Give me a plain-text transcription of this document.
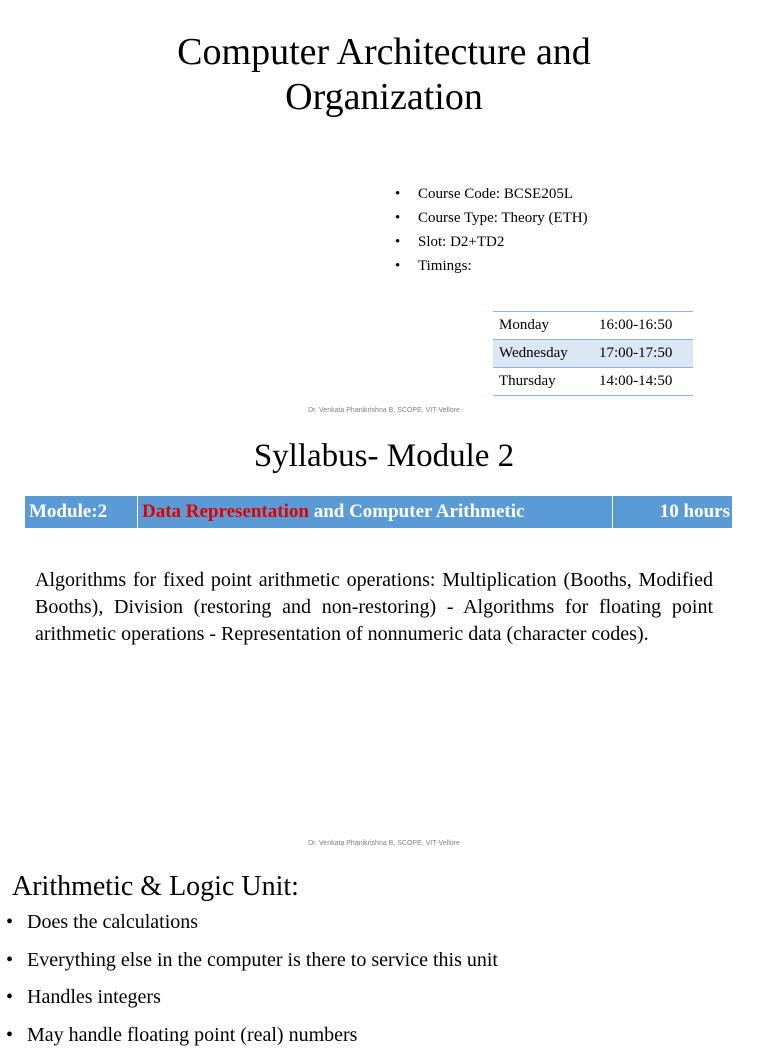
Computer Architecture and
Organization
• Course Code: BCSE205L
• Course Type: Theory (ETH)
• Slot: D2+TD2
• Timings:
Monday	16:00-16:50
Wednesday	17:00-17:50
Thursday	14:00-14:50
Dr. Venkata Phanikrishna B, SCOPE, VIT-Vellore
Syllabus- Module 2
Module:2	Data Representation and Computer Arithmetic	10 hours

Algorithms for fixed point arithmetic operations: Multiplication (Booths, Modified Booths), Division (restoring and non-restoring) - Algorithms for floating point arithmetic operations - Representation of nonnumeric data (character codes).

Dr. Venkata Phanikrishna B, SCOPE, VIT-Vellore
Arithmetic & Logic Unit:
• Does the calculations
• Everything else in the computer is there to service this unit
• Handles integers
• May handle floating point (real) numbers
